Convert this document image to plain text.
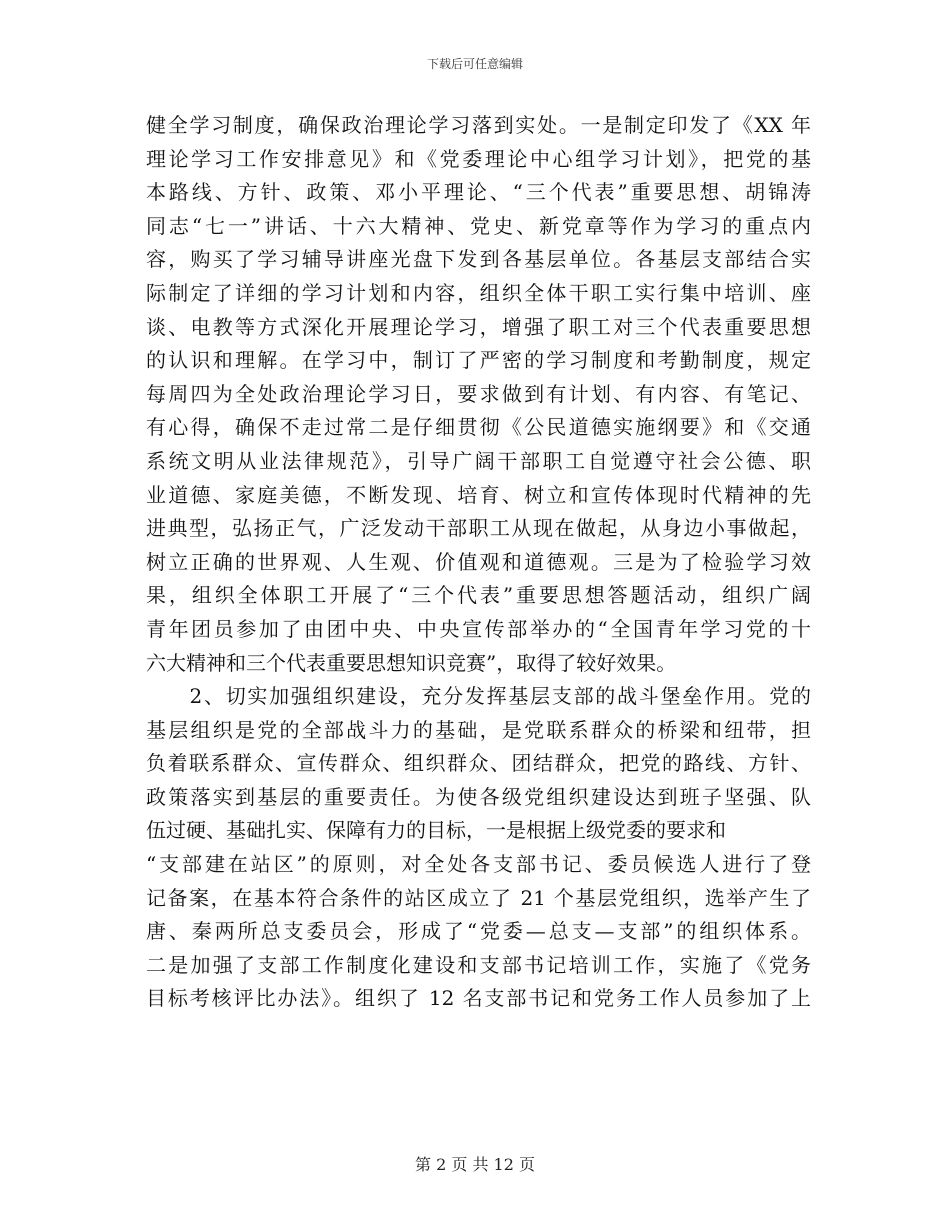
下载后可任意编辑
健全学习制度，确保政治理论学习落到实处。一是制定印发了《XX 年
理论学习工作安排意见》和《党委理论中心组学习计划》，把党的基
本路线、方针、政策、邓小平理论、“三个代表”重要思想、胡锦涛
同志“七一”讲话、十六大精神、党史、新党章等作为学习的重点内
容，购买了学习辅导讲座光盘下发到各基层单位。各基层支部结合实
际制定了详细的学习计划和内容，组织全体干职工实行集中培训、座
谈、电教等方式深化开展理论学习，增强了职工对三个代表重要思想
的认识和理解。在学习中，制订了严密的学习制度和考勤制度，规定
每周四为全处政治理论学习日，要求做到有计划、有内容、有笔记、
有心得，确保不走过常二是仔细贯彻《公民道德实施纲要》和《交通
系统文明从业法律规范》，引导广阔干部职工自觉遵守社会公德、职
业道德、家庭美德，不断发现、培育、树立和宣传体现时代精神的先
进典型，弘扬正气，广泛发动干部职工从现在做起，从身边小事做起，
树立正确的世界观、人生观、价值观和道德观。三是为了检验学习效
果，组织全体职工开展了“三个代表”重要思想答题活动，组织广阔
青年团员参加了由团中央、中央宣传部举办的“全国青年学习党的十
六大精神和三个代表重要思想知识竞赛”，取得了较好效果。
　　2、切实加强组织建设，充分发挥基层支部的战斗堡垒作用。党的
基层组织是党的全部战斗力的基础，是党联系群众的桥梁和纽带，担
负着联系群众、宣传群众、组织群众、团结群众，把党的路线、方针、
政策落实到基层的重要责任。为使各级党组织建设达到班子坚强、队
伍过硬、基础扎实、保障有力的目标，一是根据上级党委的要求和
“支部建在站区”的原则，对全处各支部书记、委员候选人进行了登
记备案，在基本符合条件的站区成立了 21 个基层党组织，选举产生了
唐、秦两所总支委员会，形成了“党委—总支—支部”的组织体系。
二是加强了支部工作制度化建设和支部书记培训工作，实施了《党务
目标考核评比办法》。组织了 12 名支部书记和党务工作人员参加了上
第 2 页 共 12 页
